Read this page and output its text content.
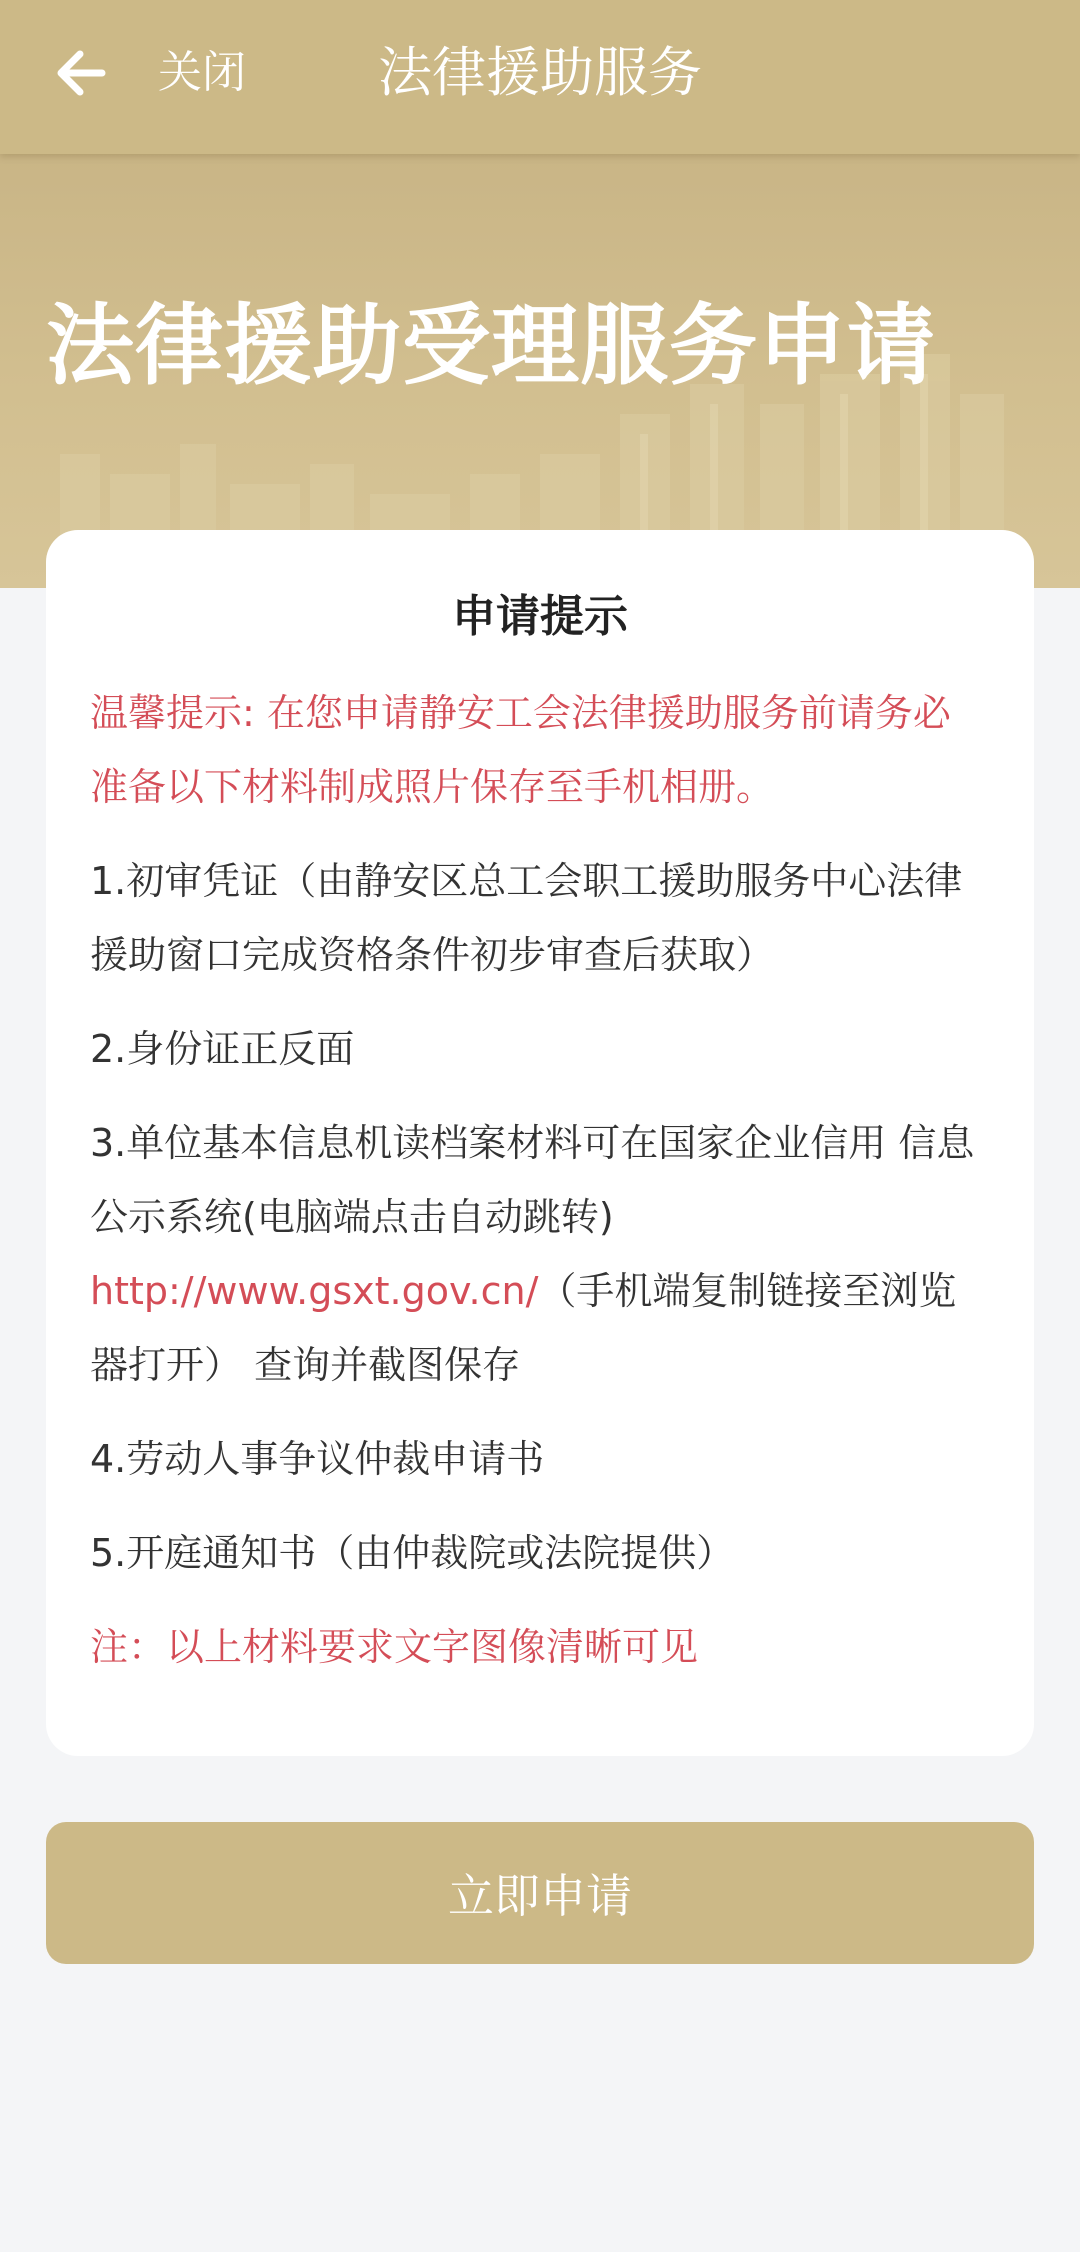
关闭 法律援助服务
法律援助受理服务申请
申请提示

温馨提示: 在您申请静安工会法律援助服务前请务必准备以下材料制成照片保存至手机相册。

1.初审凭证（由静安区总工会职工援助服务中心法律援助窗口完成资格条件初步审查后获取）

2.身份证正反面

3.单位基本信息机读档案材料可在国家企业信用 信息公示系统(电脑端点击自动跳转)
http://www.gsxt.gov.cn/（手机端复制链接至浏览器打开） 查询并截图保存

4.劳动人事争议仲裁申请书

5.开庭通知书（由仲裁院或法院提供）

注：以上材料要求文字图像清晰可见

立即申请
